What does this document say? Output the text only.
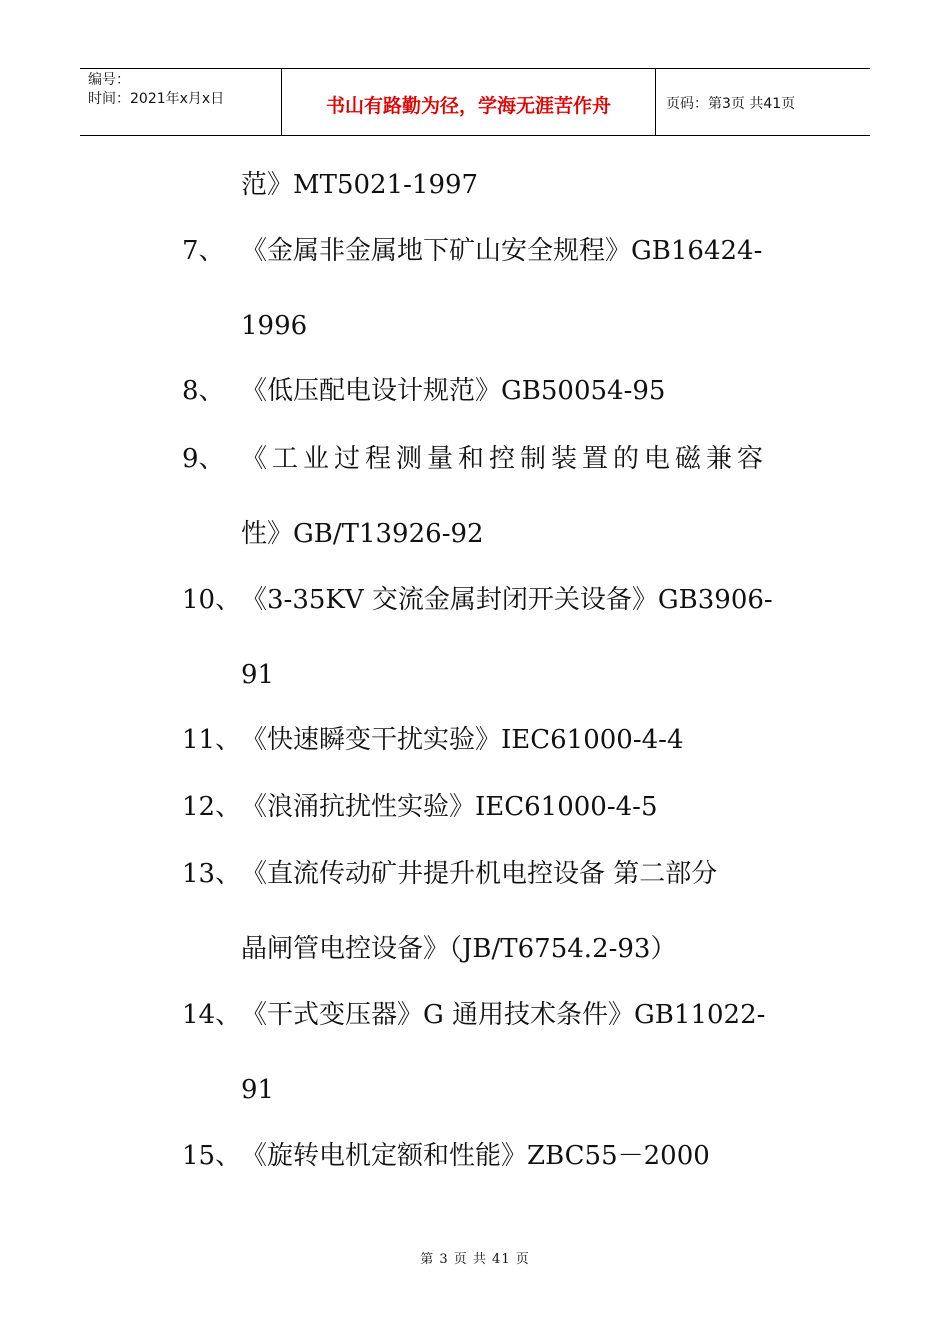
编号：
时间：2021年x月x日	书山有路勤为径，学海无涯苦作舟	页码：第3页 共41页
范》MT5021-1997
7、 《金属非金属地下矿山安全规程》GB16424-
1996
8、 《低压配电设计规范》GB50054-95
9、 《工业过程测量和控制装置的电磁兼容
性》GB/T13926-92
10、 《3-35KV 交流金属封闭开关设备》GB3906-
91
11、 《快速瞬变干扰实验》IEC61000-4-4
12、 《浪涌抗扰性实验》IEC61000-4-5
13、 《直流传动矿井提升机电控设备 第二部分
晶闸管电控设备》（JB/T6754.2-93）
14、 《干式变压器》G 通用技术条件》GB11022-
91
15、 《旋转电机定额和性能》ZBC55－2000
第 3 页 共 41 页
